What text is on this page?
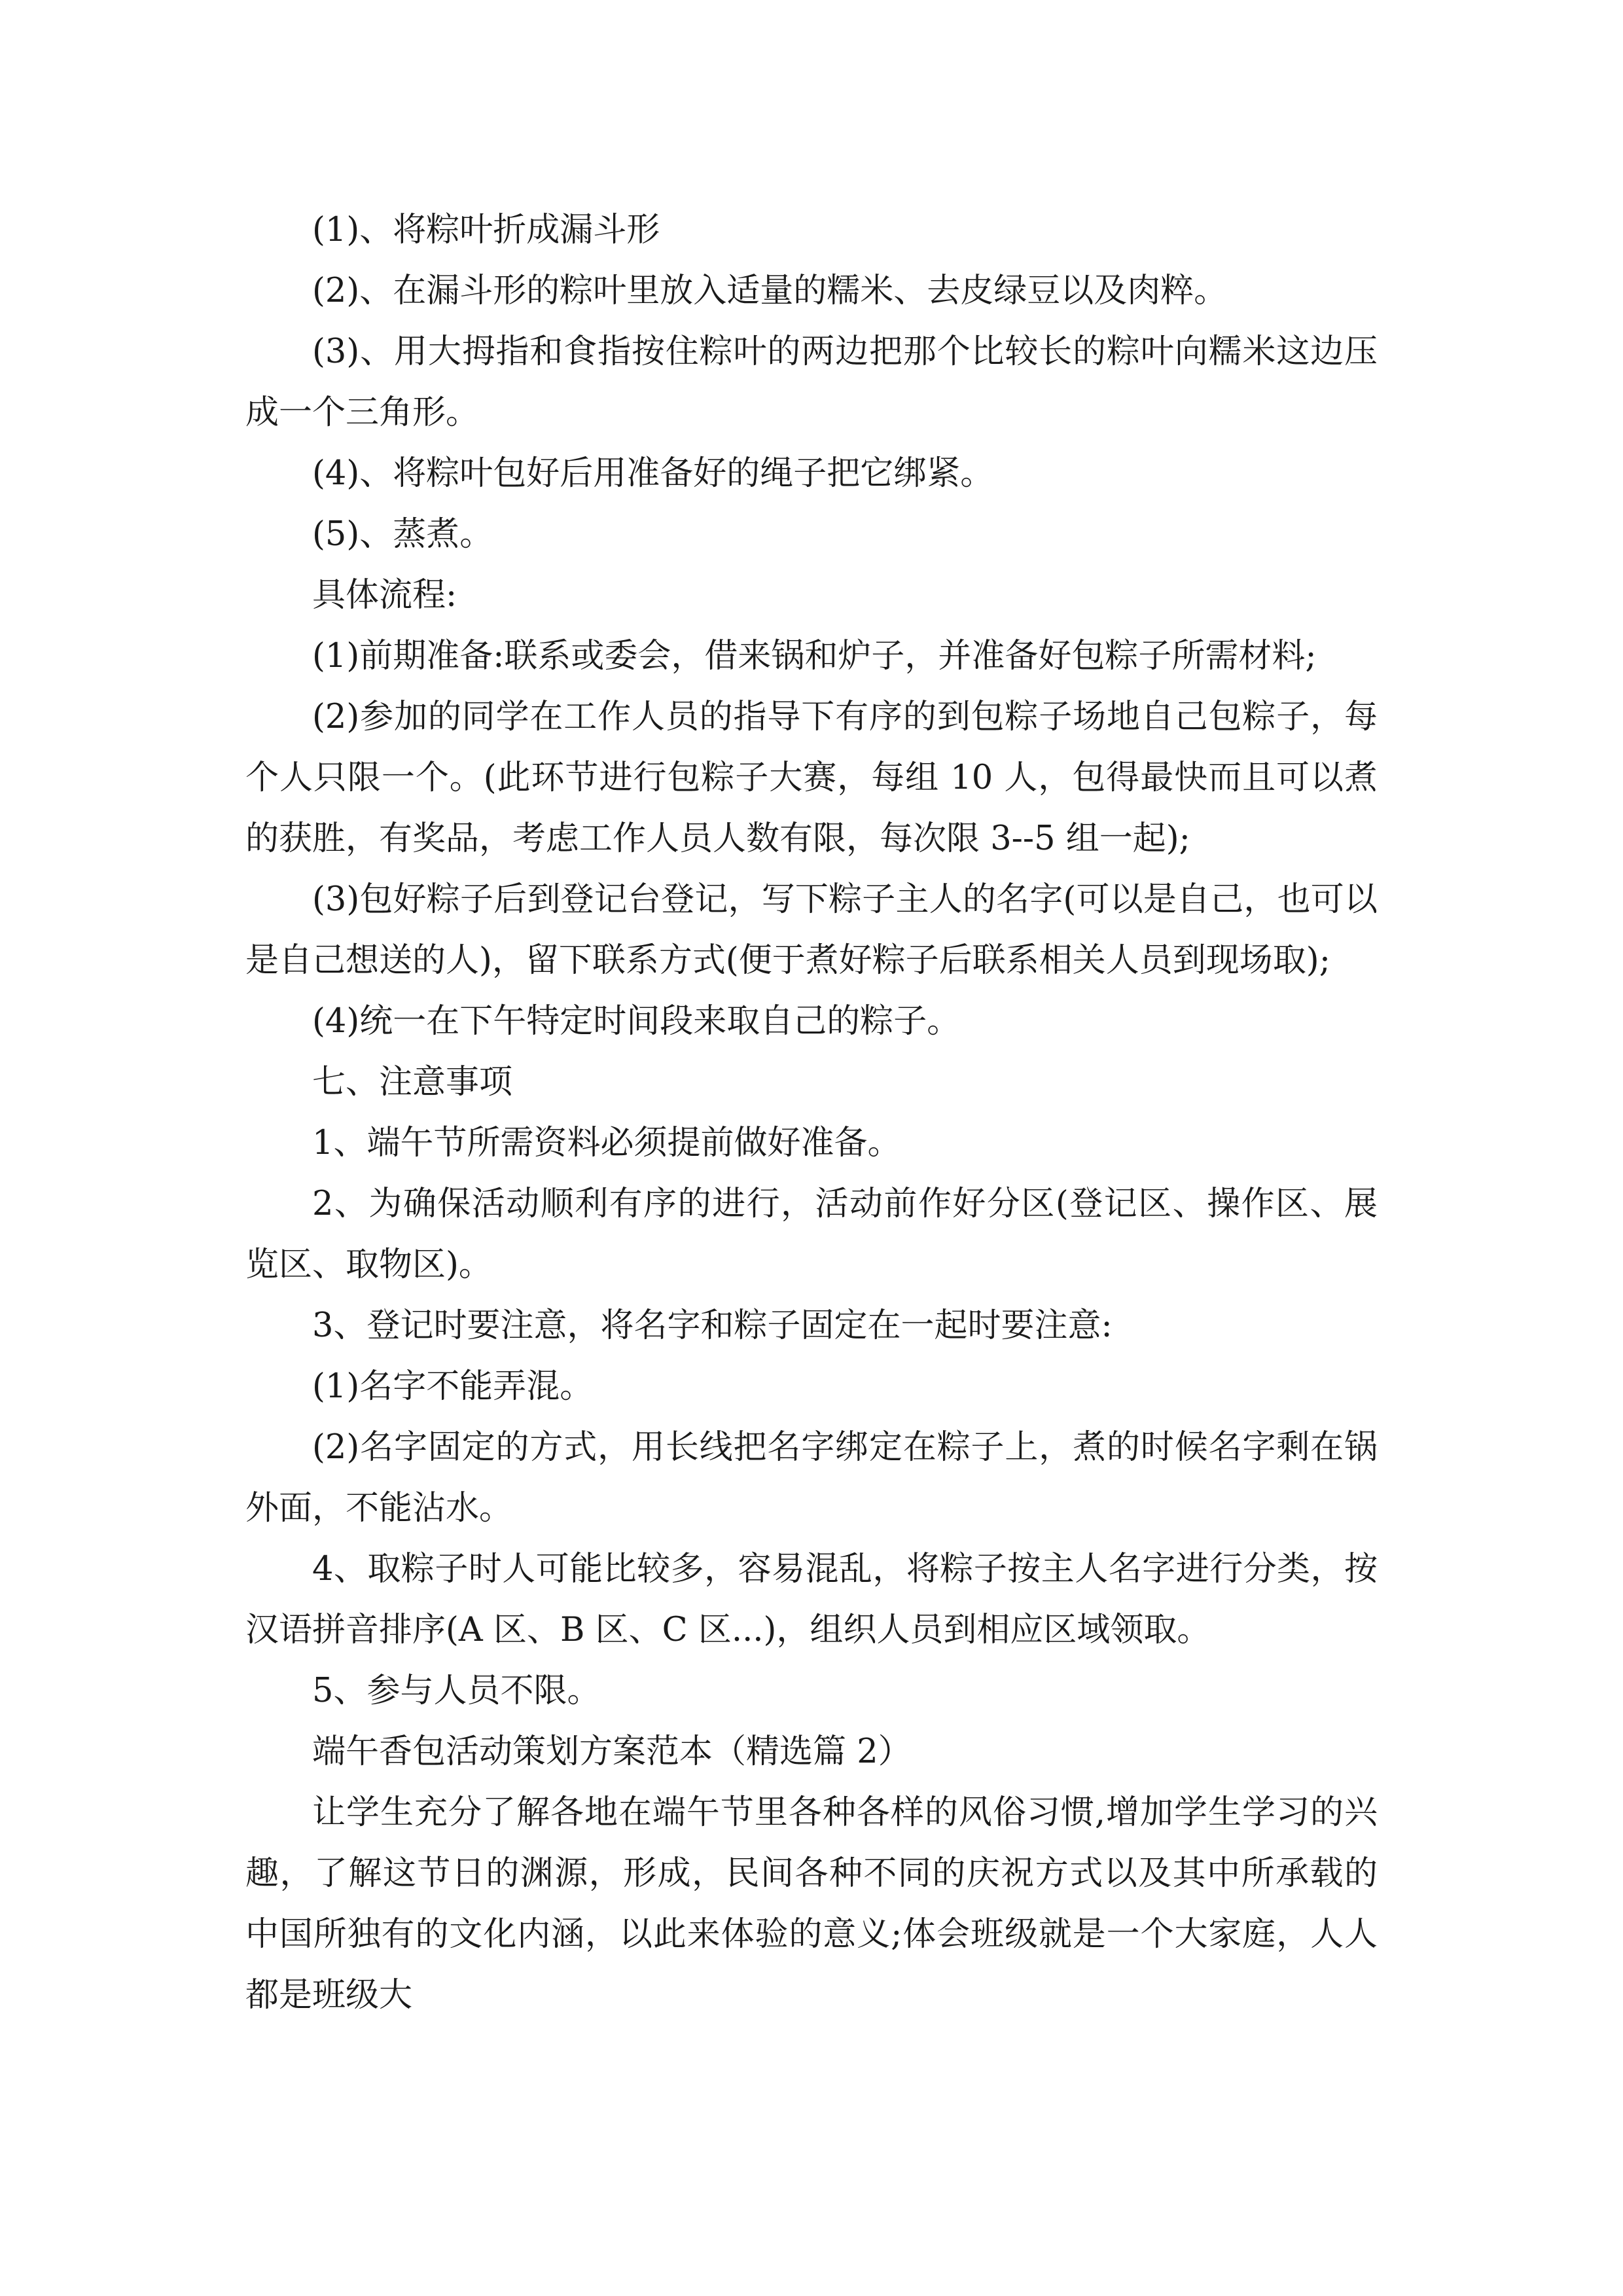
(1)、将粽叶折成漏斗形

(2)、在漏斗形的粽叶里放入适量的糯米、去皮绿豆以及肉粹。

(3)、用大拇指和食指按住粽叶的两边把那个比较长的粽叶向糯米这边压成一个三角形。

(4)、将粽叶包好后用准备好的绳子把它绑紧。

(5)、蒸煮。

具体流程:

(1)前期准备:联系或委会，借来锅和炉子，并准备好包粽子所需材料;

(2)参加的同学在工作人员的指导下有序的到包粽子场地自己包粽子，每个人只限一个。(此环节进行包粽子大赛，每组 10 人，包得最快而且可以煮的获胜，有奖品，考虑工作人员人数有限，每次限 3--5 组一起);

(3)包好粽子后到登记台登记，写下粽子主人的名字(可以是自己，也可以是自己想送的人)，留下联系方式(便于煮好粽子后联系相关人员到现场取);

(4)统一在下午特定时间段来取自己的粽子。

七、注意事项

1、端午节所需资料必须提前做好准备。

2、为确保活动顺利有序的进行，活动前作好分区(登记区、操作区、展览区、取物区)。

3、登记时要注意，将名字和粽子固定在一起时要注意:

(1)名字不能弄混。

(2)名字固定的方式，用长线把名字绑定在粽子上，煮的时候名字剩在锅外面，不能沾水。

4、取粽子时人可能比较多，容易混乱，将粽子按主人名字进行分类，按汉语拼音排序(A 区、B 区、C 区...)，组织人员到相应区域领取。

5、参与人员不限。

端午香包活动策划方案范本（精选篇 2）

让学生充分了解各地在端午节里各种各样的风俗习惯,增加学生学习的兴趣，了解这节日的渊源，形成，民间各种不同的庆祝方式以及其中所承载的中国所独有的文化内涵，以此来体验的意义;体会班级就是一个大家庭，人人都是班级大
